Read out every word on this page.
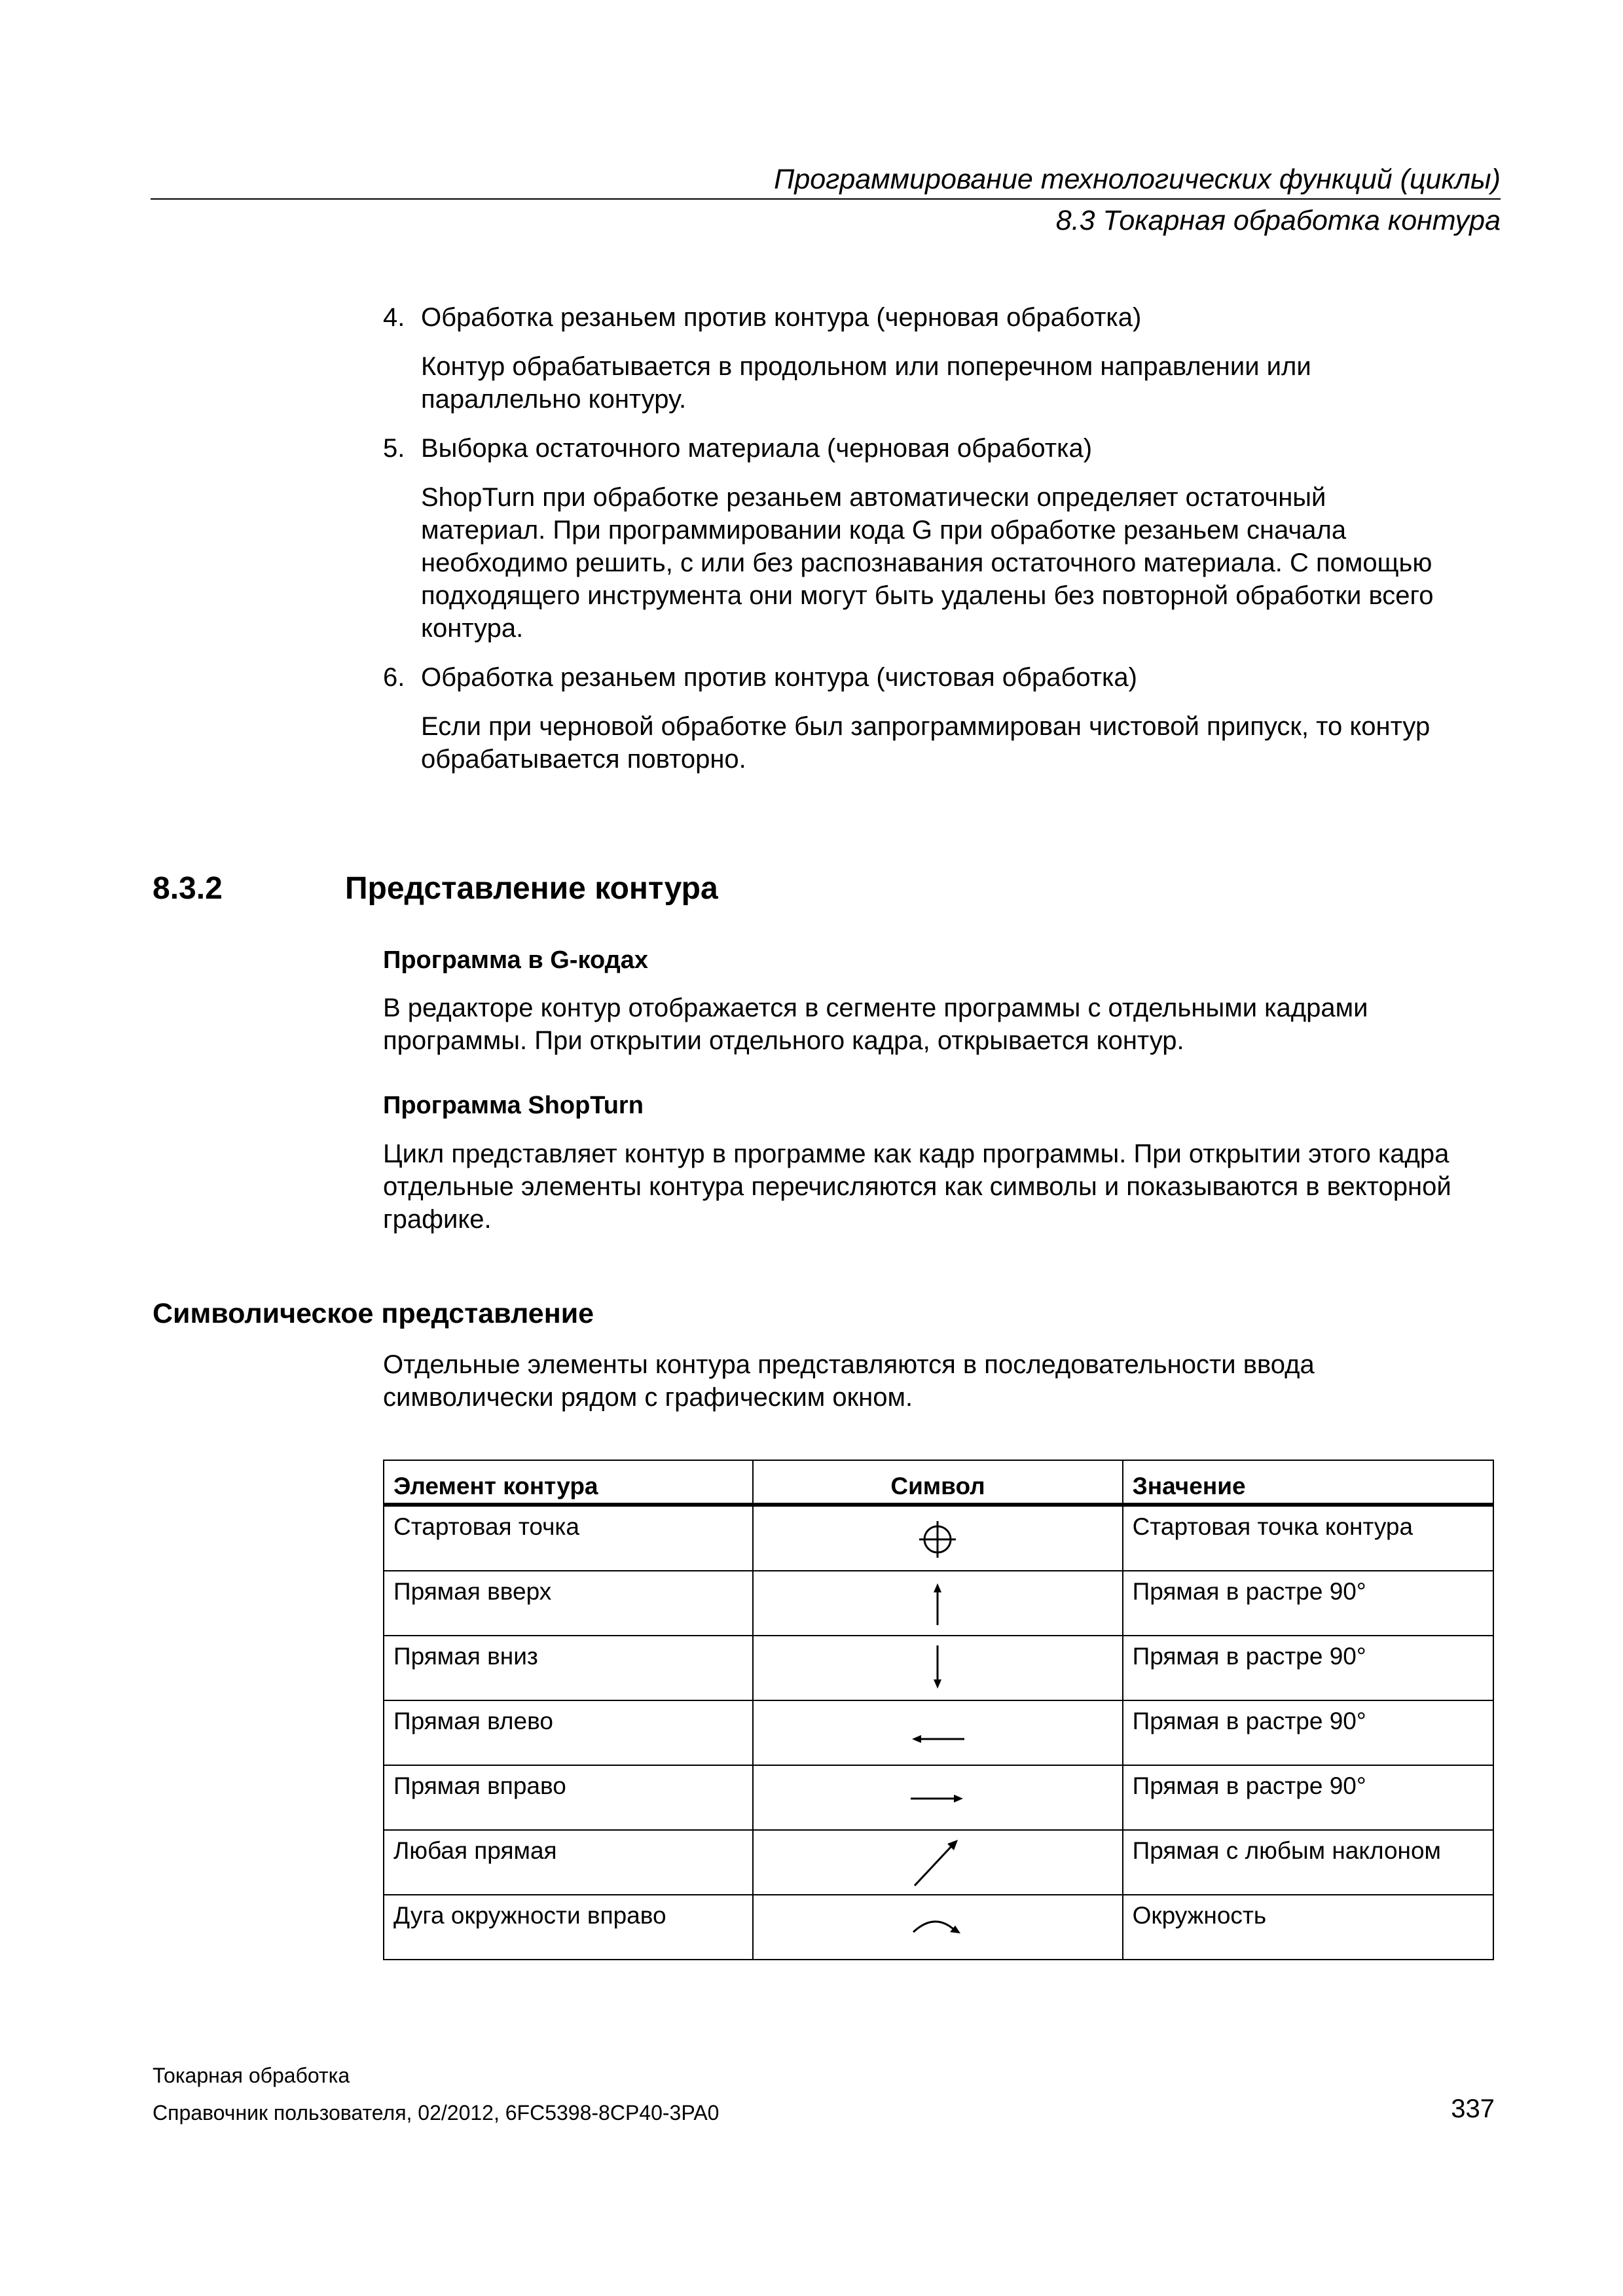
Программирование технологических функций (циклы)
8.3 Токарная обработка контура
4. Обработка резаньем против контура (черновая обработка)
Контур обрабатывается в продольном или поперечном направлении или
параллельно контуру.
5. Выборка остаточного материала (черновая обработка)
ShopTurn при обработке резаньем автоматически определяет остаточный
материал. При программировании кода G при обработке резаньем сначала
необходимо решить, с или без распознавания остаточного материала. С помощью
подходящего инструмента они могут быть удалены без повторной обработки всего
контура.
6. Обработка резаньем против контура (чистовая обработка)
Если при черновой обработке был запрограммирован чистовой припуск, то контур
обрабатывается повторно.
8.3.2	Представление контура
Программа в G-кодах
В редакторе контур отображается в сегменте программы с отдельными кадрами
программы. При открытии отдельного кадра, открывается контур.
Программа ShopTurn
Цикл представляет контур в программе как кадр программы. При открытии этого кадра
отдельные элементы контура перечисляются как символы и показываются в векторной
графике.
Символическое представление
Отдельные элементы контура представляются в последовательности ввода
символически рядом с графическим окном.
Элемент контура	Символ	Значение
Стартовая точка		Стартовая точка контура
Прямая вверх		Прямая в растре 90°
Прямая вниз		Прямая в растре 90°
Прямая влево		Прямая в растре 90°
Прямая вправо		Прямая в растре 90°
Любая прямая		Прямая с любым наклоном
Дуга окружности вправо		Окружность
Токарная обработка
Справочник пользователя, 02/2012, 6FC5398-8CP40-3PA0	337
